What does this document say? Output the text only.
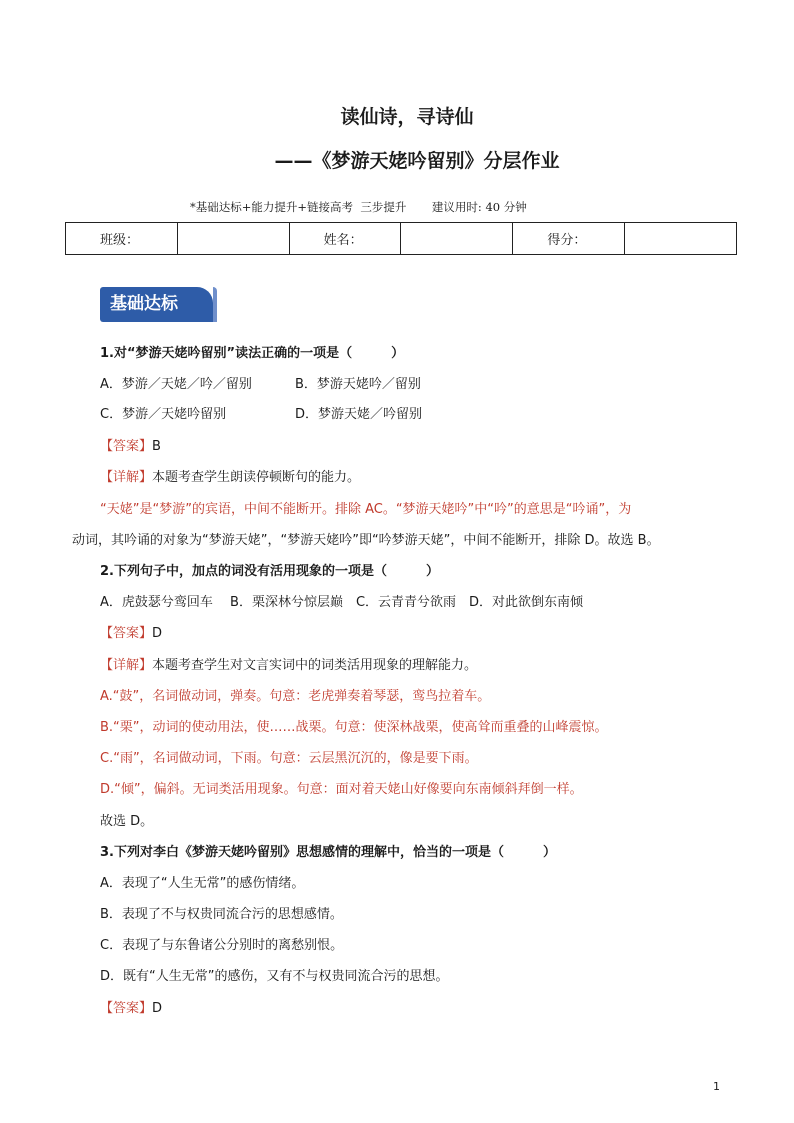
读仙诗，寻诗仙
——《梦游天姥吟留别》分层作业
*基础达标+能力提升+链接高考  三步提升       建议用时: 40 分钟
班级：		姓名：		得分：	
基础达标
1.对“梦游天姥吟留别”读法正确的一项是（　　　）
A．梦游／天姥／吟／留别	B．梦游天姥吟／留别
C．梦游／天姥吟留别	D．梦游天姥／吟留别
【答案】B
【详解】本题考查学生朗读停顿断句的能力。
“天姥”是“梦游”的宾语，中间不能断开。排除 AC。“梦游天姥吟”中“吟”的意思是“吟诵”，为
动词，其吟诵的对象为“梦游天姥”，“梦游天姥吟”即“吟梦游天姥”，中间不能断开，排除 D。故选 B。
2.下列句子中，加点的词没有活用现象的一项是（　　　）
A．虎鼓瑟兮鸾回车　 B．栗深林兮惊层巅　C．云青青兮欲雨　D．对此欲倒东南倾
【答案】D
【详解】本题考查学生对文言实词中的词类活用现象的理解能力。
A.“鼓”，名词做动词，弹奏。句意：老虎弹奏着琴瑟，鸾鸟拉着车。
B.“栗”，动词的使动用法，使……战栗。句意：使深林战栗，使高耸而重叠的山峰震惊。
C.“雨”，名词做动词，下雨。句意：云层黑沉沉的，像是要下雨。
D.“倾”，偏斜。无词类活用现象。句意：面对着天姥山好像要向东南倾斜拜倒一样。
故选 D。
3.下列对李白《梦游天姥吟留别》思想感情的理解中，恰当的一项是（　　　）
A．表现了“人生无常”的感伤情绪。
B．表现了不与权贵同流合污的思想感情。
C．表现了与东鲁诸公分别时的离愁别恨。
D．既有“人生无常”的感伤，又有不与权贵同流合污的思想。
【答案】D
1
